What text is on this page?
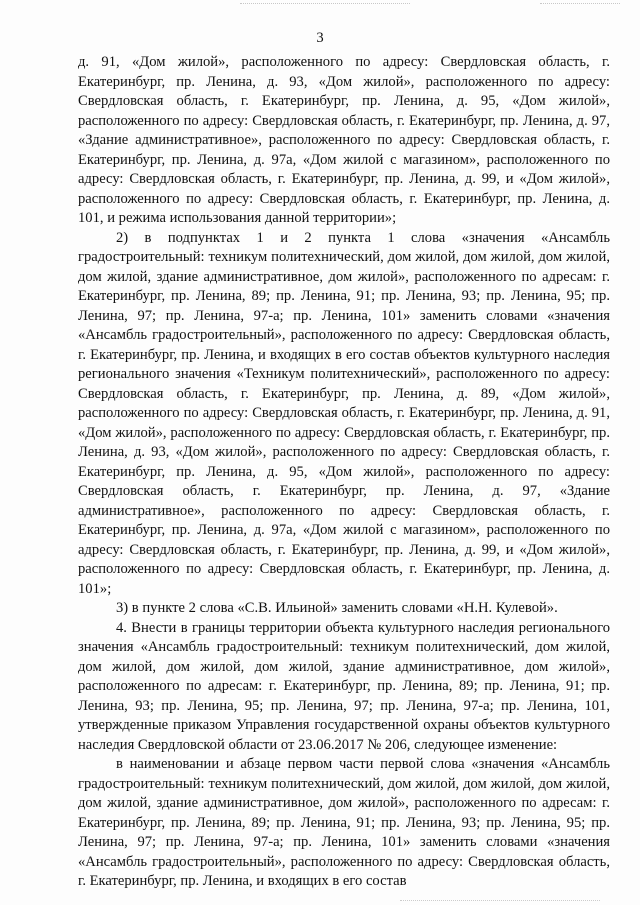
3

д. 91, «Дом жилой», расположенного по адресу: Свердловская область, г. Екатеринбург, пр. Ленина, д. 93, «Дом жилой», расположенного по адресу: Свердловская область, г. Екатеринбург, пр. Ленина, д. 95, «Дом жилой», расположенного по адресу: Свердловская область, г. Екатеринбург, пр. Ленина, д. 97, «Здание административное», расположенного по адресу: Свердловская область, г. Екатеринбург, пр. Ленина, д. 97а, «Дом жилой с магазином», расположенного по адресу: Свердловская область, г. Екатеринбург, пр. Ленина, д. 99, и «Дом жилой», расположенного по адресу: Свердловская область, г. Екатеринбург, пр. Ленина, д. 101, и режима использования данной территории»;

2) в подпунктах 1 и 2 пункта 1 слова «значения «Ансамбль градостроительный: техникум политехнический, дом жилой, дом жилой, дом жилой, дом жилой, здание административное, дом жилой», расположенного по адресам: г. Екатеринбург, пр. Ленина, 89; пр. Ленина, 91; пр. Ленина, 93; пр. Ленина, 95; пр. Ленина, 97; пр. Ленина, 97-а; пр. Ленина, 101» заменить словами «значения «Ансамбль градостроительный», расположенного по адресу: Свердловская область, г. Екатеринбург, пр. Ленина, и входящих в его состав объектов культурного наследия регионального значения «Техникум политехнический», расположенного по адресу: Свердловская область, г. Екатеринбург, пр. Ленина, д. 89, «Дом жилой», расположенного по адресу: Свердловская область, г. Екатеринбург, пр. Ленина, д. 91, «Дом жилой», расположенного по адресу: Свердловская область, г. Екатеринбург, пр. Ленина, д. 93, «Дом жилой», расположенного по адресу: Свердловская область, г. Екатеринбург, пр. Ленина, д. 95, «Дом жилой», расположенного по адресу: Свердловская область, г. Екатеринбург, пр. Ленина, д. 97, «Здание административное», расположенного по адресу: Свердловская область, г. Екатеринбург, пр. Ленина, д. 97а, «Дом жилой с магазином», расположенного по адресу: Свердловская область, г. Екатеринбург, пр. Ленина, д. 99, и «Дом жилой», расположенного по адресу: Свердловская область, г. Екатеринбург, пр. Ленина, д. 101»;

3) в пункте 2 слова «С.В. Ильиной» заменить словами «Н.Н. Кулевой».

4. Внести в границы территории объекта культурного наследия регионального значения «Ансамбль градостроительный: техникум политехнический, дом жилой, дом жилой, дом жилой, дом жилой, здание административное, дом жилой», расположенного по адресам: г. Екатеринбург, пр. Ленина, 89; пр. Ленина, 91; пр. Ленина, 93; пр. Ленина, 95; пр. Ленина, 97; пр. Ленина, 97-а; пр. Ленина, 101, утвержденные приказом Управления государственной охраны объектов культурного наследия Свердловской области от 23.06.2017 № 206, следующее изменение:

в наименовании и абзаце первом части первой слова «значения «Ансамбль градостроительный: техникум политехнический, дом жилой, дом жилой, дом жилой, дом жилой, здание административное, дом жилой», расположенного по адресам: г. Екатеринбург, пр. Ленина, 89; пр. Ленина, 91; пр. Ленина, 93; пр. Ленина, 95; пр. Ленина, 97; пр. Ленина, 97-а; пр. Ленина, 101» заменить словами «значения «Ансамбль градостроительный», расположенного по адресу: Свердловская область, г. Екатеринбург, пр. Ленина, и входящих в его состав
